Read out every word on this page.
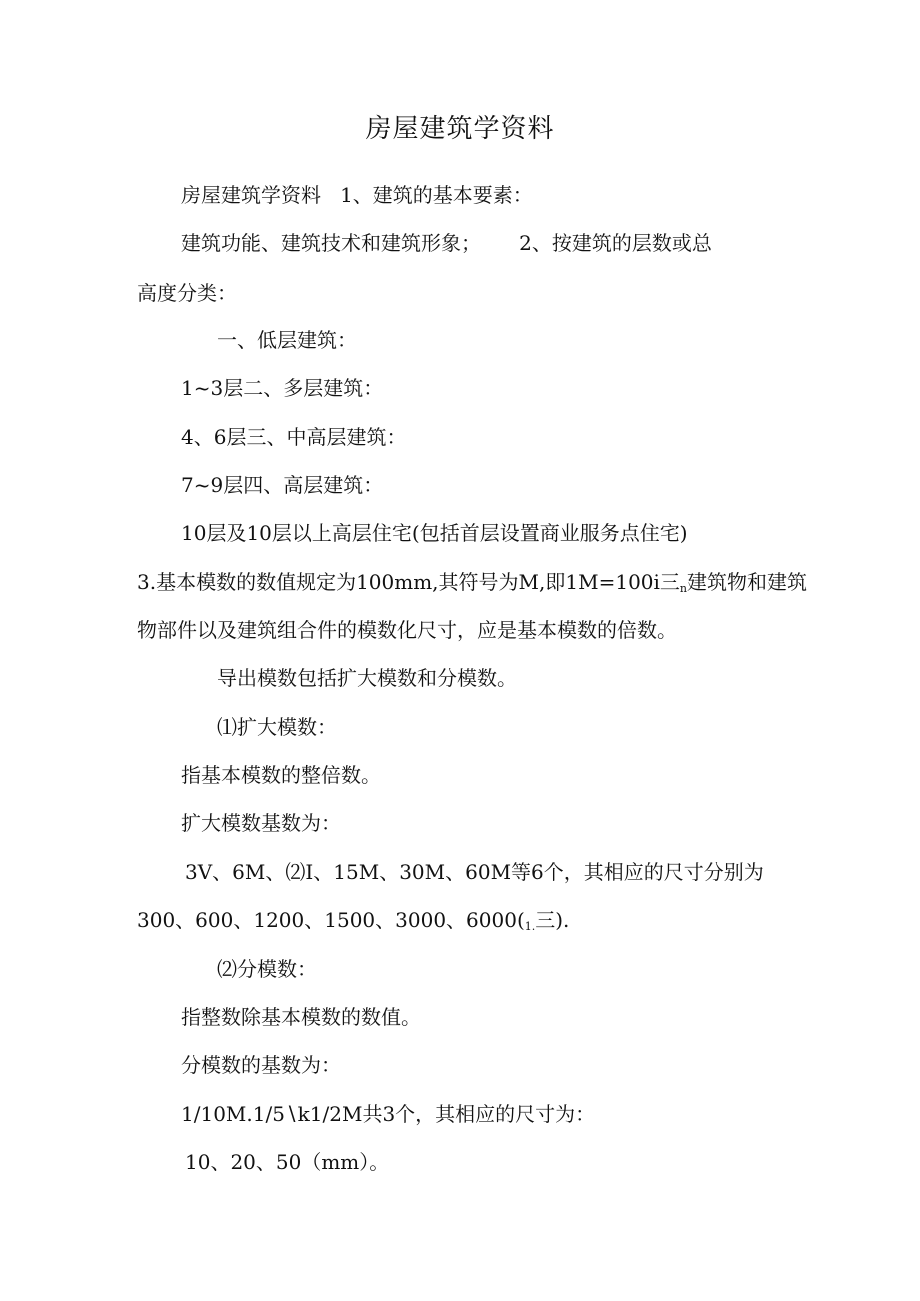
房屋建筑学资料
房屋建筑学资料   1、建筑的基本要素：
建筑功能、建筑技术和建筑形象；      2、按建筑的层数或总
高度分类：
一、低层建筑：
1~3层二、多层建筑：
4、6层三、中高层建筑：
7~9层四、高层建筑：
10层及10层以上高层住宅(包括首层设置商业服务点住宅)
3.基本模数的数值规定为100mm,其符号为M,即1M=100i三$_n$建筑物和建筑
物部件以及建筑组合件的模数化尺寸，应是基本模数的倍数。
导出模数包括扩大模数和分模数。
⑴扩大模数：
指基本模数的整倍数。
扩大模数基数为：
3V、6M、⑵I、15M、30M、60M等6个，其相应的尺寸分别为
300、600、1200、1500、3000、$6000(_{1.}$三).
⑵分模数：
指整数除基本模数的数值。
分模数的基数为：
1∕10M.1∕5∖k1/2M共3个，其相应的尺寸为：
10、20、50（mm）。
